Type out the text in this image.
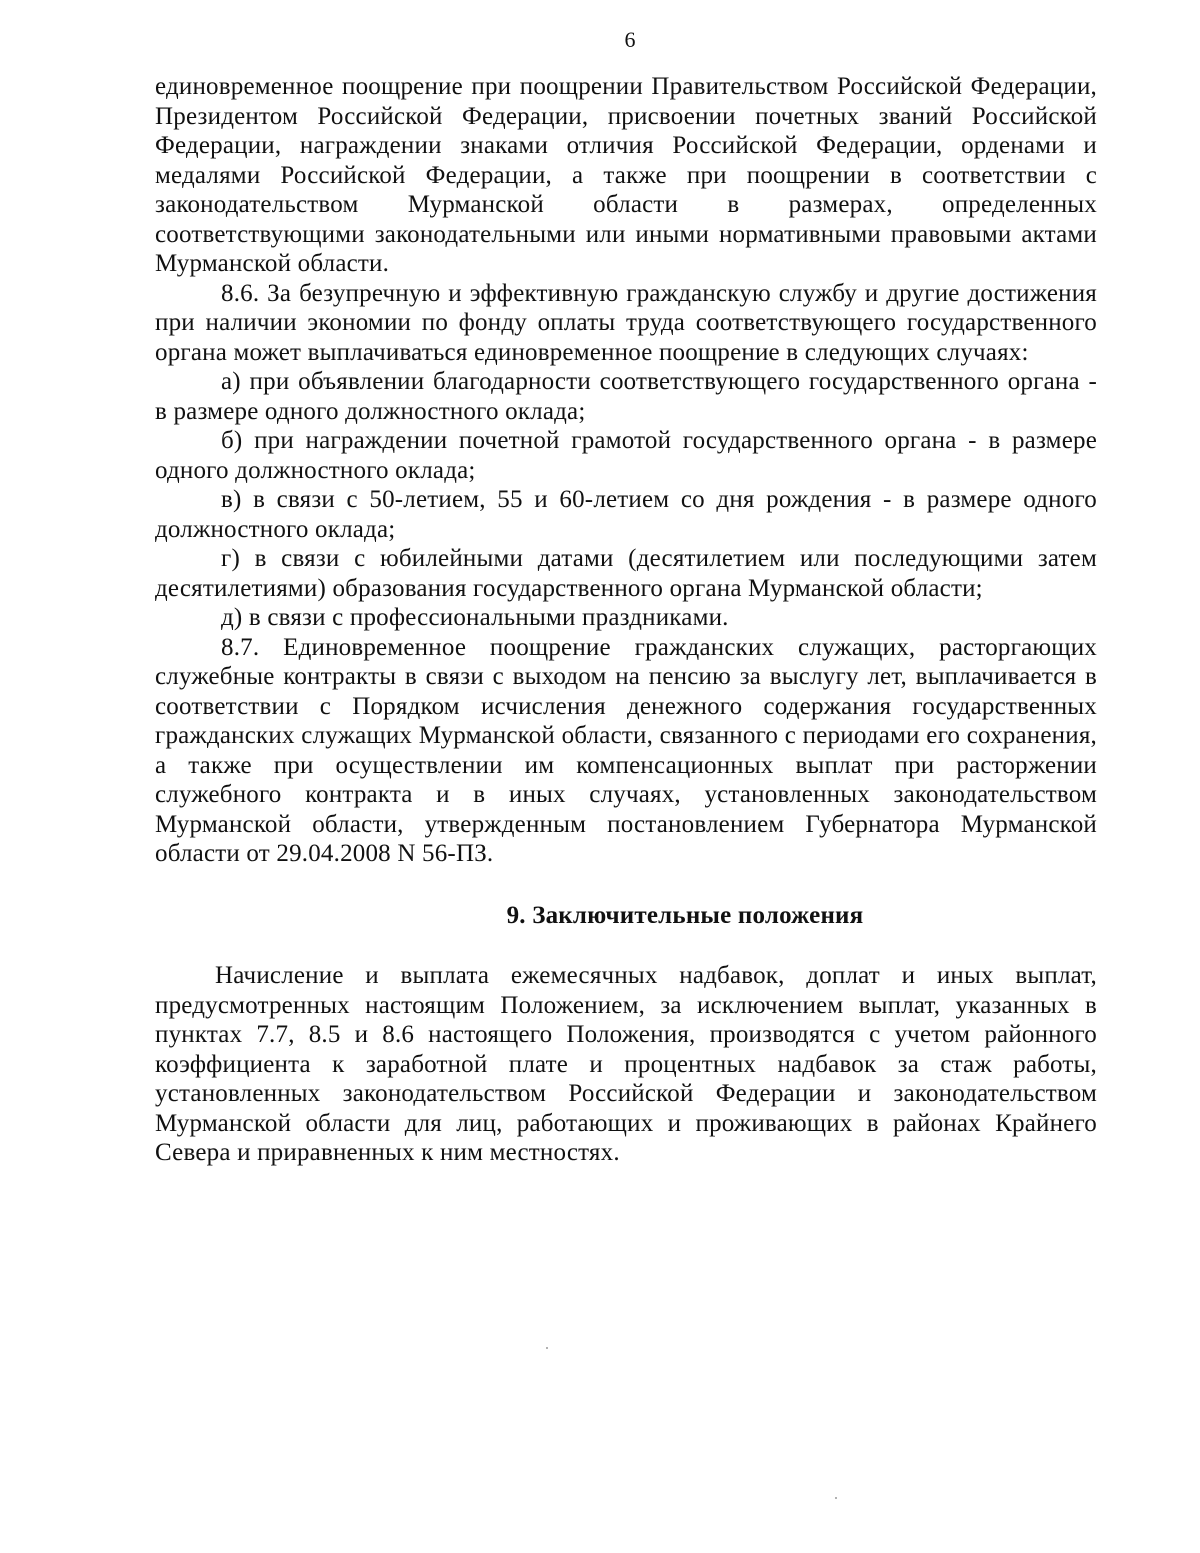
6

единовременное поощрение при поощрении Правительством Российской Федерации, Президентом Российской Федерации, присвоении почетных званий Российской Федерации, награждении знаками отличия Российской Федерации, орденами и медалями Российской Федерации, а также при поощрении в соответствии с законодательством Мурманской области в размерах, определенных соответствующими законодательными или иными нормативными правовыми актами Мурманской области.

8.6. За безупречную и эффективную гражданскую службу и другие достижения при наличии экономии по фонду оплаты труда соответствующего государственного органа может выплачиваться единовременное поощрение в следующих случаях:

а) при объявлении благодарности соответствующего государственного органа - в размере одного должностного оклада;

б) при награждении почетной грамотой государственного органа - в размере одного должностного оклада;

в) в связи с 50-летием, 55 и 60-летием со дня рождения - в размере одного должностного оклада;

г) в связи с юбилейными датами (десятилетием или последующими затем десятилетиями) образования государственного органа Мурманской области;

д) в связи с профессиональными праздниками.

8.7. Единовременное поощрение гражданских служащих, расторгающих служебные контракты в связи с выходом на пенсию за выслугу лет, выплачивается в соответствии с Порядком исчисления денежного содержания государственных гражданских служащих Мурманской области, связанного с периодами его сохранения, а также при осуществлении им компенсационных выплат при расторжении служебного контракта и в иных случаях, установленных законодательством Мурманской области, утвержденным постановлением Губернатора Мурманской области от 29.04.2008 N 56-ПЗ.

9. Заключительные положения

Начисление и выплата ежемесячных надбавок, доплат и иных выплат, предусмотренных настоящим Положением, за исключением выплат, указанных в пунктах 7.7, 8.5 и 8.6 настоящего Положения, производятся с учетом районного коэффициента к заработной плате и процентных надбавок за стаж работы, установленных законодательством Российской Федерации и законодательством Мурманской области для лиц, работающих и проживающих в районах Крайнего Севера и приравненных к ним местностях.
